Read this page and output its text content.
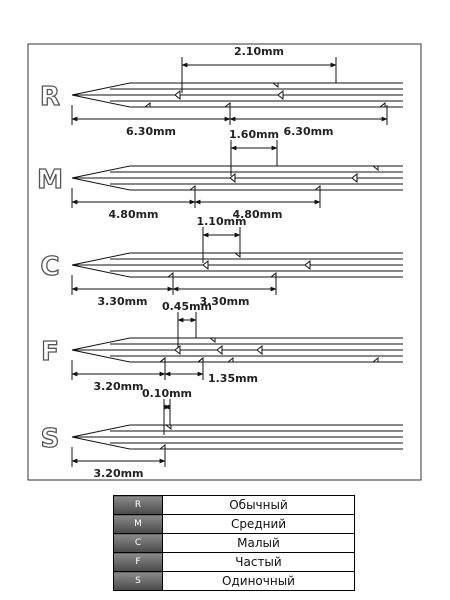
R
2.10mm
6.30mm	6.30mm
M
1.60mm
4.80mm	4.80mm
C
1.10mm
3.30mm	3.30mm
F
0.45mm
3.20mm
1.35mm
S
0.10mm
3.20mm
R	Обычный
M	Средний
C	Малый
F	Частый
S	Одиночный
